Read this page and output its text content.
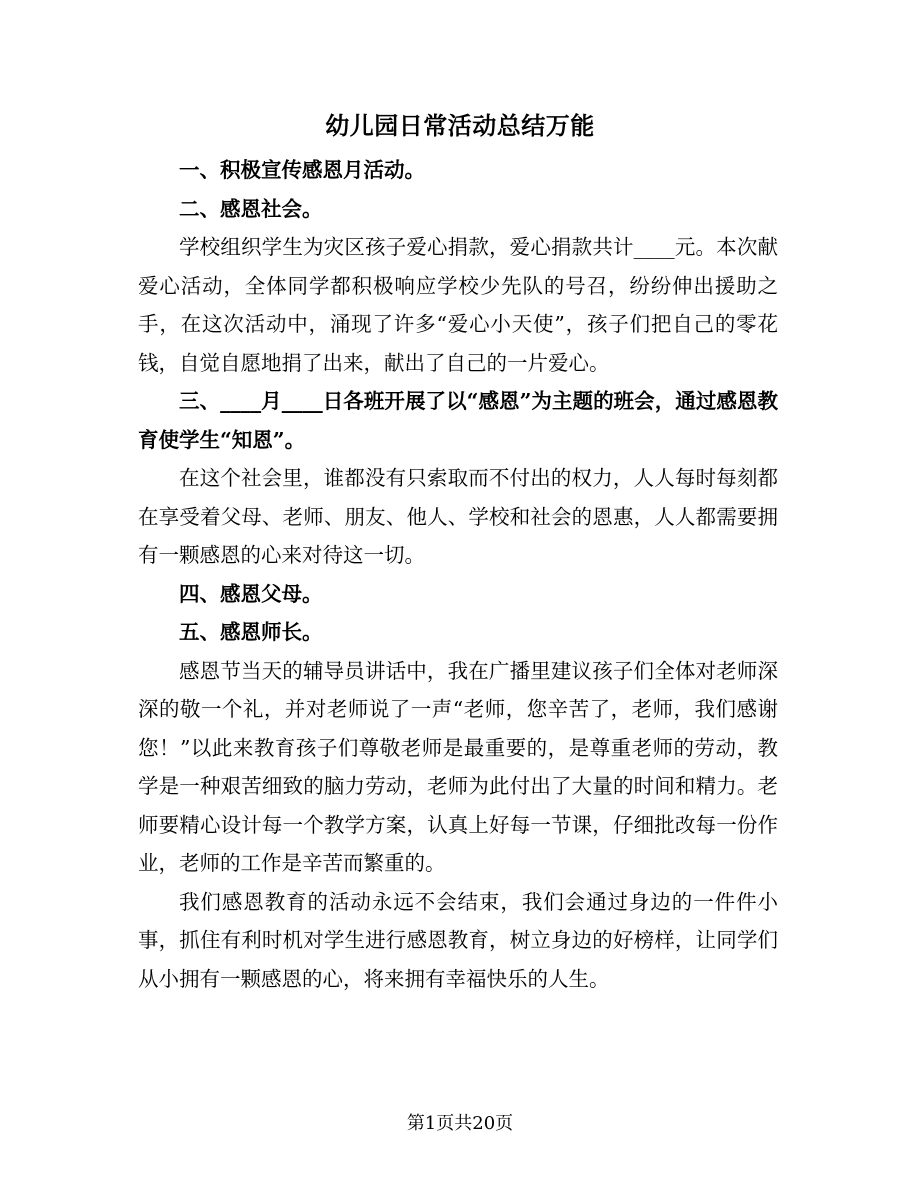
幼儿园日常活动总结万能

一、积极宣传感恩月活动。

二、感恩社会。

学校组织学生为灾区孩子爱心捐款，爱心捐款共计____元。本次献爱心活动，全体同学都积极响应学校少先队的号召，纷纷伸出援助之手，在这次活动中，涌现了许多“爱心小天使”，孩子们把自己的零花钱，自觉自愿地捐了出来，献出了自己的一片爱心。

三、____月____日各班开展了以“感恩”为主题的班会，通过感恩教育使学生“知恩”。

在这个社会里，谁都没有只索取而不付出的权力，人人每时每刻都在享受着父母、老师、朋友、他人、学校和社会的恩惠，人人都需要拥有一颗感恩的心来对待这一切。

四、感恩父母。

五、感恩师长。

感恩节当天的辅导员讲话中，我在广播里建议孩子们全体对老师深深的敬一个礼，并对老师说了一声“老师，您辛苦了，老师，我们感谢您！”以此来教育孩子们尊敬老师是最重要的，是尊重老师的劳动，教学是一种艰苦细致的脑力劳动，老师为此付出了大量的时间和精力。老师要精心设计每一个教学方案，认真上好每一节课，仔细批改每一份作业，老师的工作是辛苦而繁重的。

我们感恩教育的活动永远不会结束，我们会通过身边的一件件小事，抓住有利时机对学生进行感恩教育，树立身边的好榜样，让同学们从小拥有一颗感恩的心，将来拥有幸福快乐的人生。

第1页共20页
